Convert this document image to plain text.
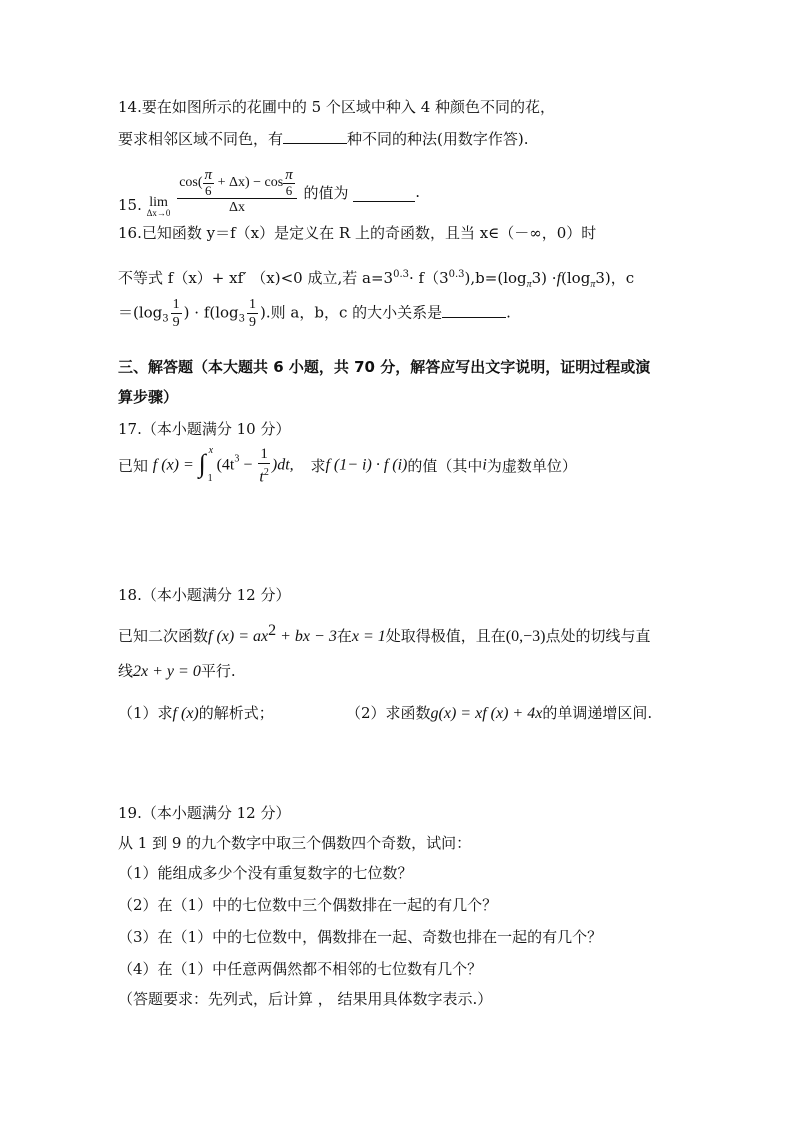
14.要在如图所示的花圃中的 5 个区域中种入 4 种颜色不同的花，
要求相邻区域不同色，有	种不同的种法(用数字作答).
15. lim
Δx→0
$\frac{\cos( \frac{\pi}{6} + \Delta x) - \cos \frac{\pi}{6}}{\Delta x}$ 的值为	.
16.已知函数 y＝f（x）是定义在 R 上的奇函数，且当 x∈（－∞，0）时
不等式 f（x）+ xf′ （x)<0 成立,若 $a=3^{0.3}\cdot f(3^{0.3}),b=(\log_\pi 3) \cdot f(\log_\pi 3)$，c
$=(\log_3 \frac{1}{9}$ ) · $f(\log_3 \frac{1}{9}$ ).则 a，b，c 的大小关系是	.
三、解答题（本大题共 6 小题，共 70 分，解答应写出文字说明，证明过程或演
算步骤）
17.（本小题满分 10 分）
已知 f (x) = ∫ x
1
$(4t^3 - \frac{1}{t^2} )dt$, 求f (1− i) · f (i)的值（其中i为虚数单位）
18.（本小题满分 12 分）
已知二次函数f $(x) = ax^2$ + bx − 3在x = 1处取得极值，且在(0,−3)点处的切线与直
线2x + y = 0平行.
（1）求f (x)的解析式；	（2）求函数g(x) = xf (x) + 4x的单调递增区间.
19.（本小题满分 12 分）
从 1 到 9 的九个数字中取三个偶数四个奇数，试问：
（1）能组成多少个没有重复数字的七位数？
（2）在（1）中的七位数中三个偶数排在一起的有几个？
（3）在（1）中的七位数中，偶数排在一起、奇数也排在一起的有几个？
（4）在（1）中任意两偶然都不相邻的七位数有几个？
（答题要求：先列式，后计算 ， 结果用具体数字表示.）
